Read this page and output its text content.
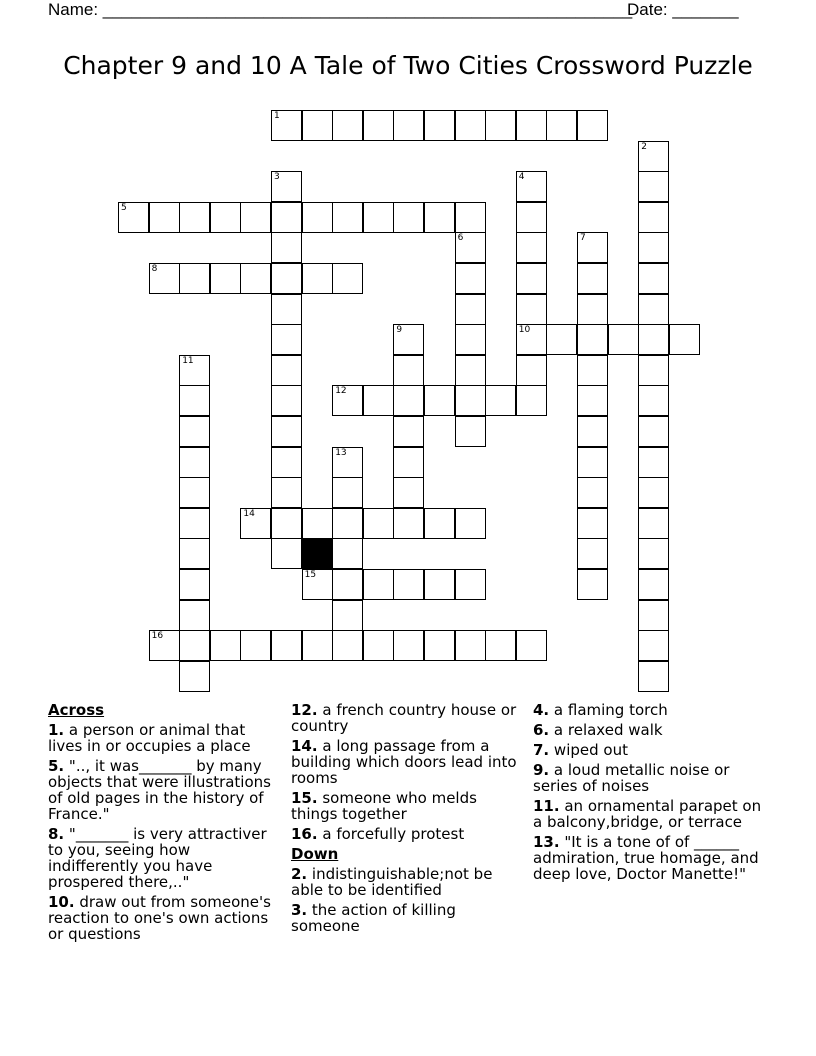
Name: ________________________________________________________
Date: _______
Chapter 9 and 10 A Tale of Two Cities Crossword Puzzle
1
2
3	4
10
5
6	7
8
9
11
12
13
14
15
16
Across
1. a person or animal that lives in or occupies a place
5. ".., it was_______ by many objects that were illustrations of old pages in the history of France."
8. "_______ is very attractiver to you, seeing how indifferently you have prospered there,.."
10. draw out from someone's reaction to one's own actions or questions
12. a french country house or country
14. a long passage from a building which doors lead into rooms
15. someone who melds things together
16. a forcefully protest
Down
2. indistinguishable;not be able to be identified
3. the action of killing someone
4. a flaming torch
6. a relaxed walk
7. wiped out
9. a loud metallic noise or series of noises
11. an ornamental parapet on a balcony,bridge, or terrace
13. "It is a tone of of ______ admiration, true homage, and deep love, Doctor Manette!"
